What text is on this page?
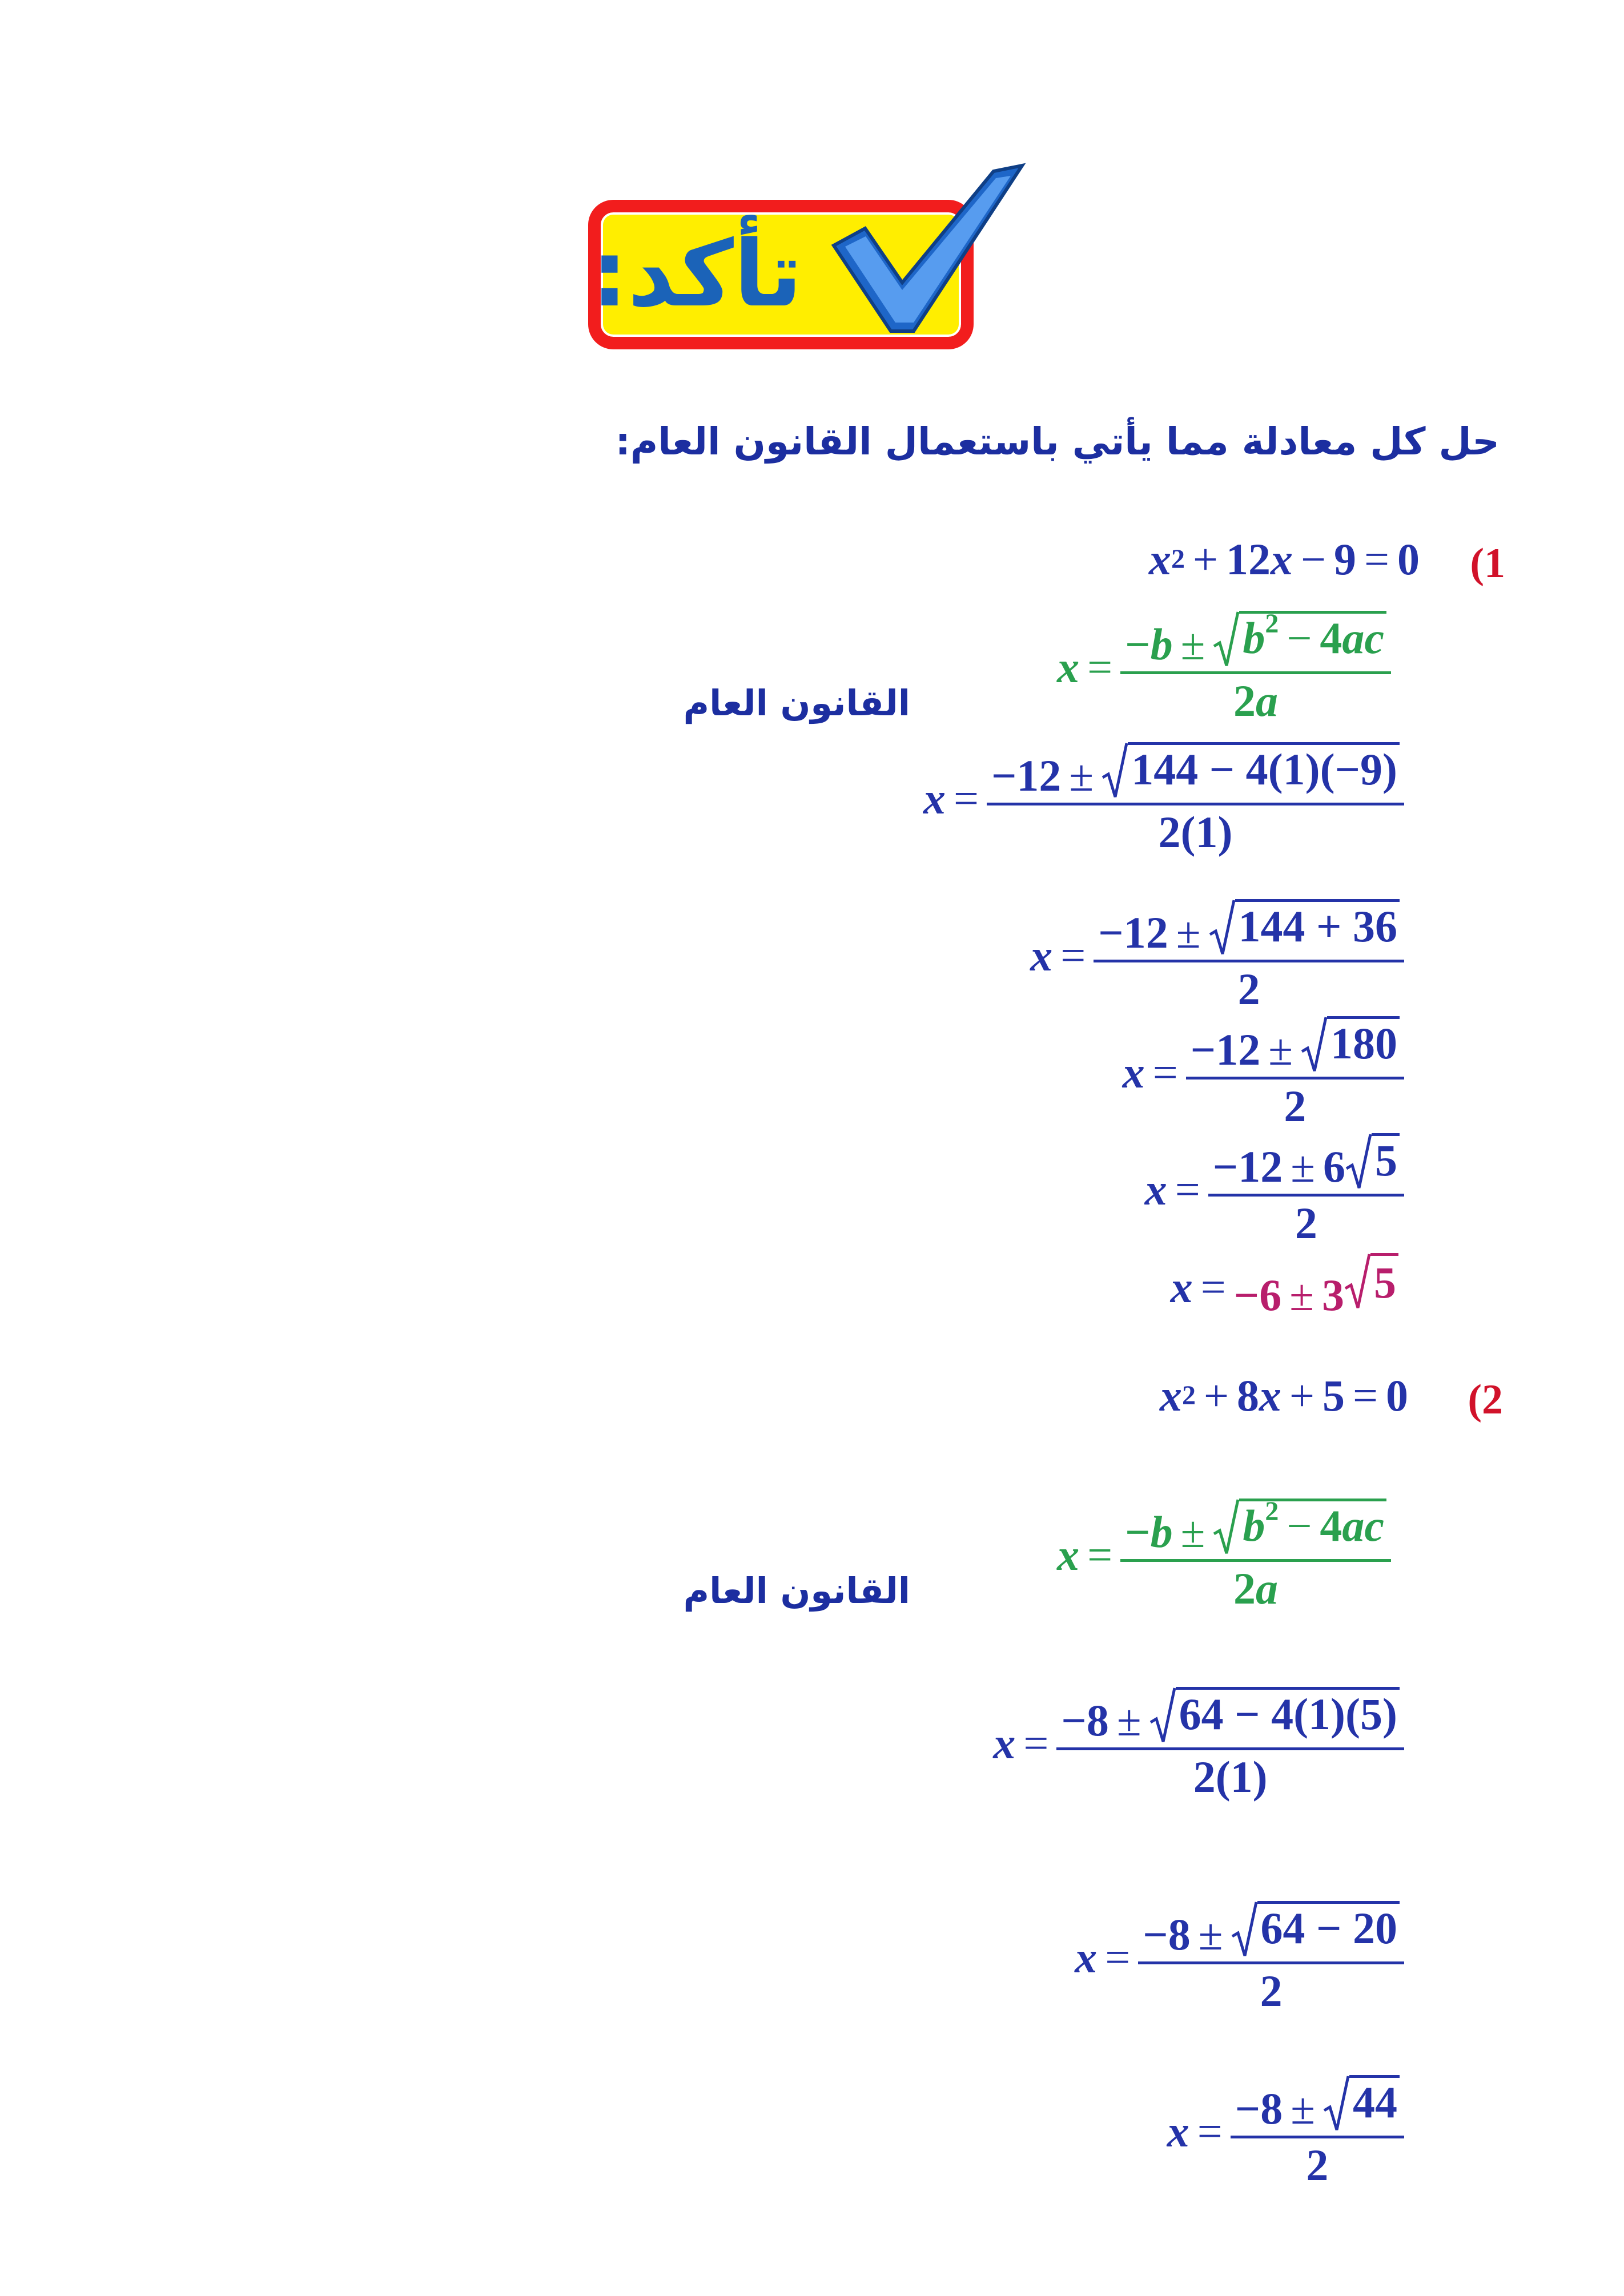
تأكد:
حل كل معادلة مما يأتي باستعمال القانون العام:
(1
x 2 + 12 x − 9 = 0
القانون العام
$x = \frac{- b \pm b^2 - 4ac}{2a}$
$x = \frac{- 12 \pm 144 - 4(1)(-9)}{2(1)}$
$x = \frac{- 12 \pm 144 + 36}{2}$
$x = \frac{- 12 \pm 180}{2}$
$x = \frac{- 12 \pm 6 5}{2}$
x = −6 ± 3 5
(2
x 2 + 8 x + 5 = 0
القانون العام
$x = \frac{- b \pm b^2 - 4ac}{2a}$
$x = \frac{- 8 \pm 64 - 4(1)(5)}{2(1)}$
$x = \frac{- 8 \pm 64 - 20}{2}$
$x = \frac{- 8 \pm 44}{2}$
